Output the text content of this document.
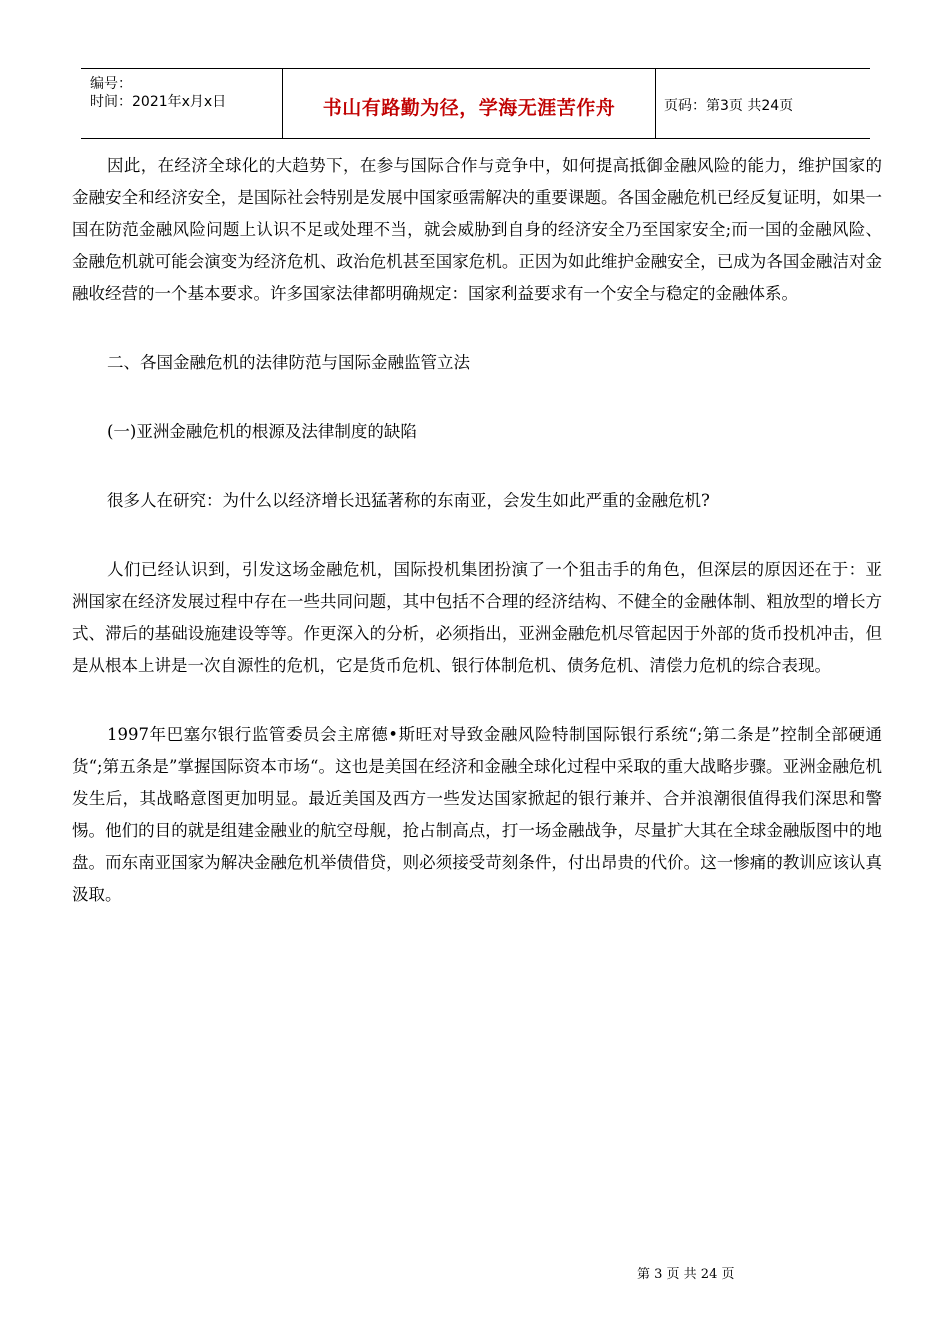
编号：
时间：2021年x月x日	书山有路勤为径，学海无涯苦作舟	页码：第3页 共24页

因此，在经济全球化的大趋势下，在参与国际合作与竞争中，如何提高抵御金融风险的能力，维护国家的金融安全和经济安全，是国际社会特别是发展中国家亟需解决的重要课题。各国金融危机已经反复证明，如果一国在防范金融风险问题上认识不足或处理不当，就会威胁到自身的经济安全乃至国家安全;而一国的金融风险、金融危机就可能会演变为经济危机、政治危机甚至国家危机。正因为如此维护金融安全，已成为各国金融洁对金融收经营的一个基本要求。许多国家法律都明确规定：国家利益要求有一个安全与稳定的金融体系。

二、各国金融危机的法律防范与国际金融监管立法

(一)亚洲金融危机的根源及法律制度的缺陷

很多人在研究：为什么以经济增长迅猛著称的东南亚，会发生如此严重的金融危机?

人们已经认识到，引发这场金融危机，国际投机集团扮演了一个狙击手的角色，但深层的原因还在于：亚洲国家在经济发展过程中存在一些共同问题，其中包括不合理的经济结构、不健全的金融体制、粗放型的增长方式、滞后的基础设施建设等等。作更深入的分析，必须指出，亚洲金融危机尽管起因于外部的货币投机冲击，但是从根本上讲是一次自源性的危机，它是货币危机、银行体制危机、债务危机、清偿力危机的综合表现。

1997年巴塞尔银行监管委员会主席德•斯旺对导致金融风险特制国际银行系统“;第二条是”控制全部硬通货“;第五条是”掌握国际资本市场“。这也是美国在经济和金融全球化过程中采取的重大战略步骤。亚洲金融危机发生后，其战略意图更加明显。最近美国及西方一些发达国家掀起的银行兼并、合并浪潮很值得我们深思和警惕。他们的目的就是组建金融业的航空母舰，抢占制高点，打一场金融战争，尽量扩大其在全球金融版图中的地盘。而东南亚国家为解决金融危机举债借贷，则必须接受苛刻条件，付出昂贵的代价。这一惨痛的教训应该认真汲取。

第 3 页 共 24 页
